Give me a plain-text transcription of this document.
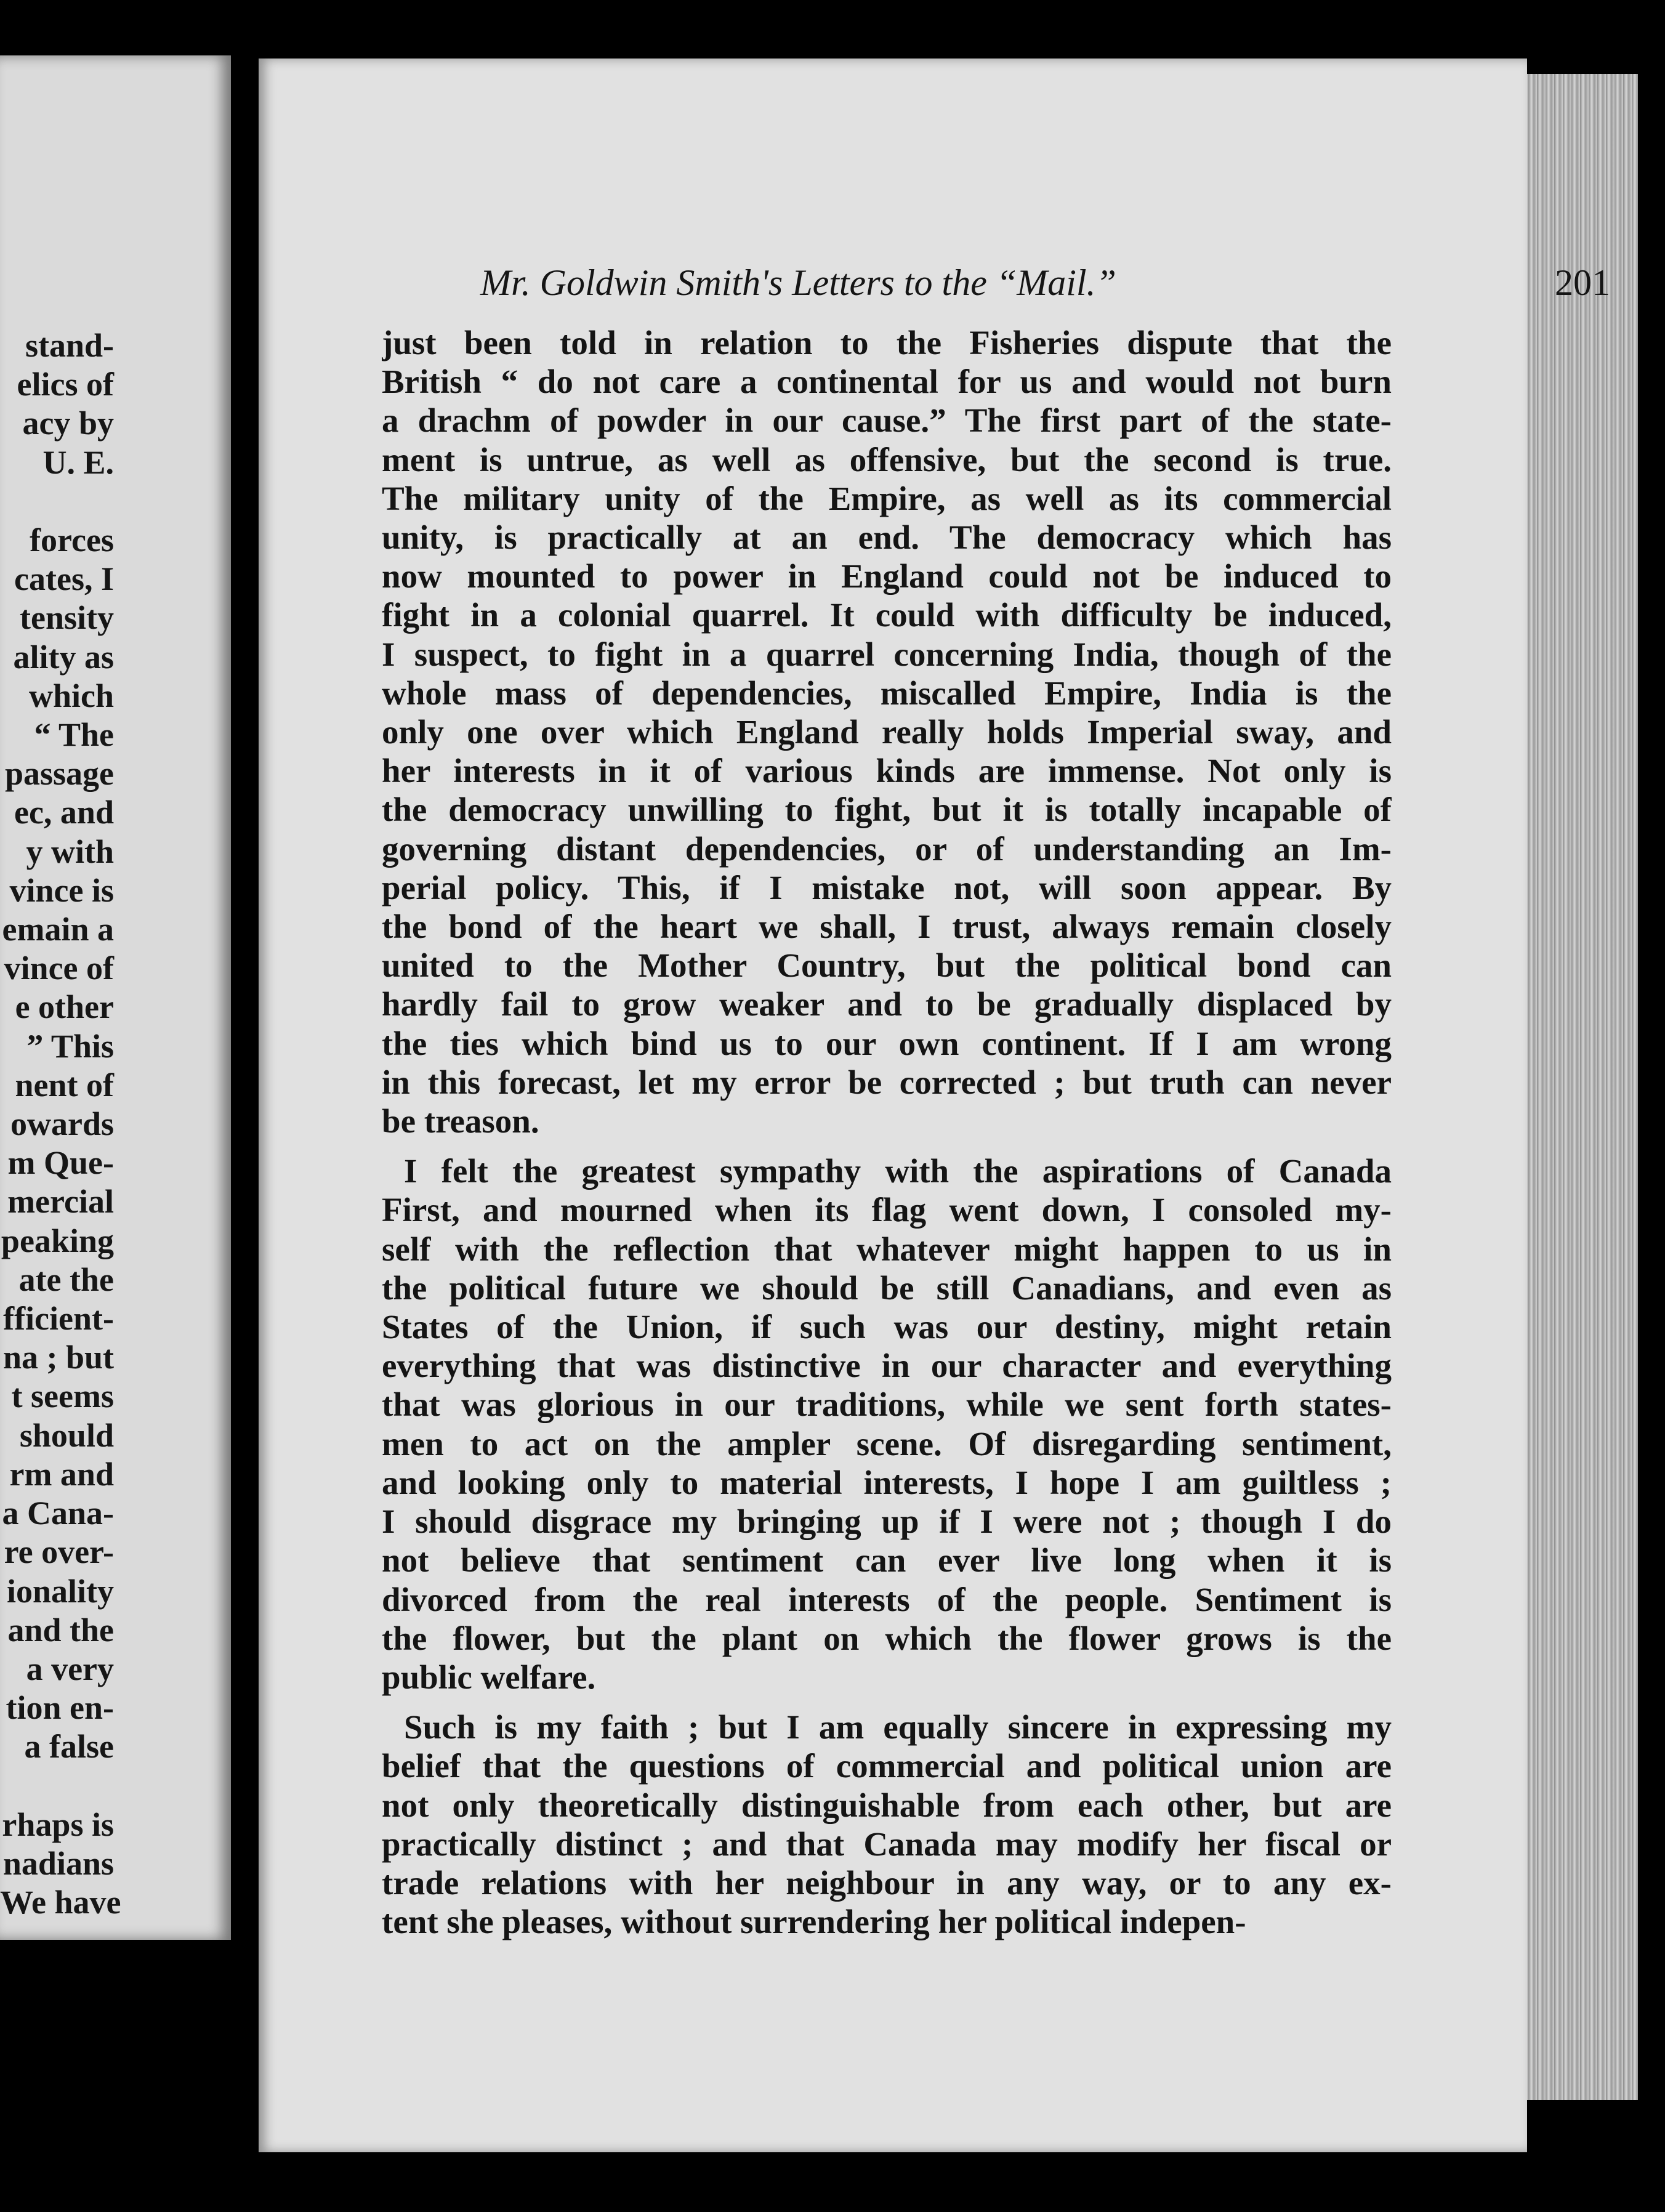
stand-
elics of
acy by
U. E.

forces
cates, I
tensity
ality as
which
“ The
passage
ec, and
y with
vince is
emain a
vince of
e other
” This
nent of
owards
m Que-
mercial
peaking
ate the
fficient-
na ; but
t seems
should
rm and
a Cana-
re over-
ionality
and the
a very
tion en-
a false

rhaps is
nadians
We have
Mr. Goldwin Smith's Letters to the “Mail.”	201
just been told in relation to the Fisheries dispute that the
British “ do not care a continental for us and would not burn
a drachm of powder in our cause.” The first part of the state-
ment is untrue, as well as offensive, but the second is true.
The military unity of the Empire, as well as its commercial
unity, is practically at an end. The democracy which has
now mounted to power in England could not be induced to
fight in a colonial quarrel. It could with difficulty be induced,
I suspect, to fight in a quarrel concerning India, though of the
whole mass of dependencies, miscalled Empire, India is the
only one over which England really holds Imperial sway, and
her interests in it of various kinds are immense. Not only is
the democracy unwilling to fight, but it is totally incapable of
governing distant dependencies, or of understanding an Im-
perial policy. This, if I mistake not, will soon appear. By
the bond of the heart we shall, I trust, always remain closely
united to the Mother Country, but the political bond can
hardly fail to grow weaker and to be gradually displaced by
the ties which bind us to our own continent. If I am wrong
in this forecast, let my error be corrected ; but truth can never
be treason.
I felt the greatest sympathy with the aspirations of Canada
First, and mourned when its flag went down, I consoled my-
self with the reflection that whatever might happen to us in
the political future we should be still Canadians, and even as
States of the Union, if such was our destiny, might retain
everything that was distinctive in our character and everything
that was glorious in our traditions, while we sent forth states-
men to act on the ampler scene. Of disregarding sentiment,
and looking only to material interests, I hope I am guiltless ;
I should disgrace my bringing up if I were not ; though I do
not believe that sentiment can ever live long when it is
divorced from the real interests of the people. Sentiment is
the flower, but the plant on which the flower grows is the
public welfare.
Such is my faith ; but I am equally sincere in expressing my
belief that the questions of commercial and political union are
not only theoretically distinguishable from each other, but are
practically distinct ; and that Canada may modify her fiscal or
trade relations with her neighbour in any way, or to any ex-
tent she pleases, without surrendering her political indepen-
